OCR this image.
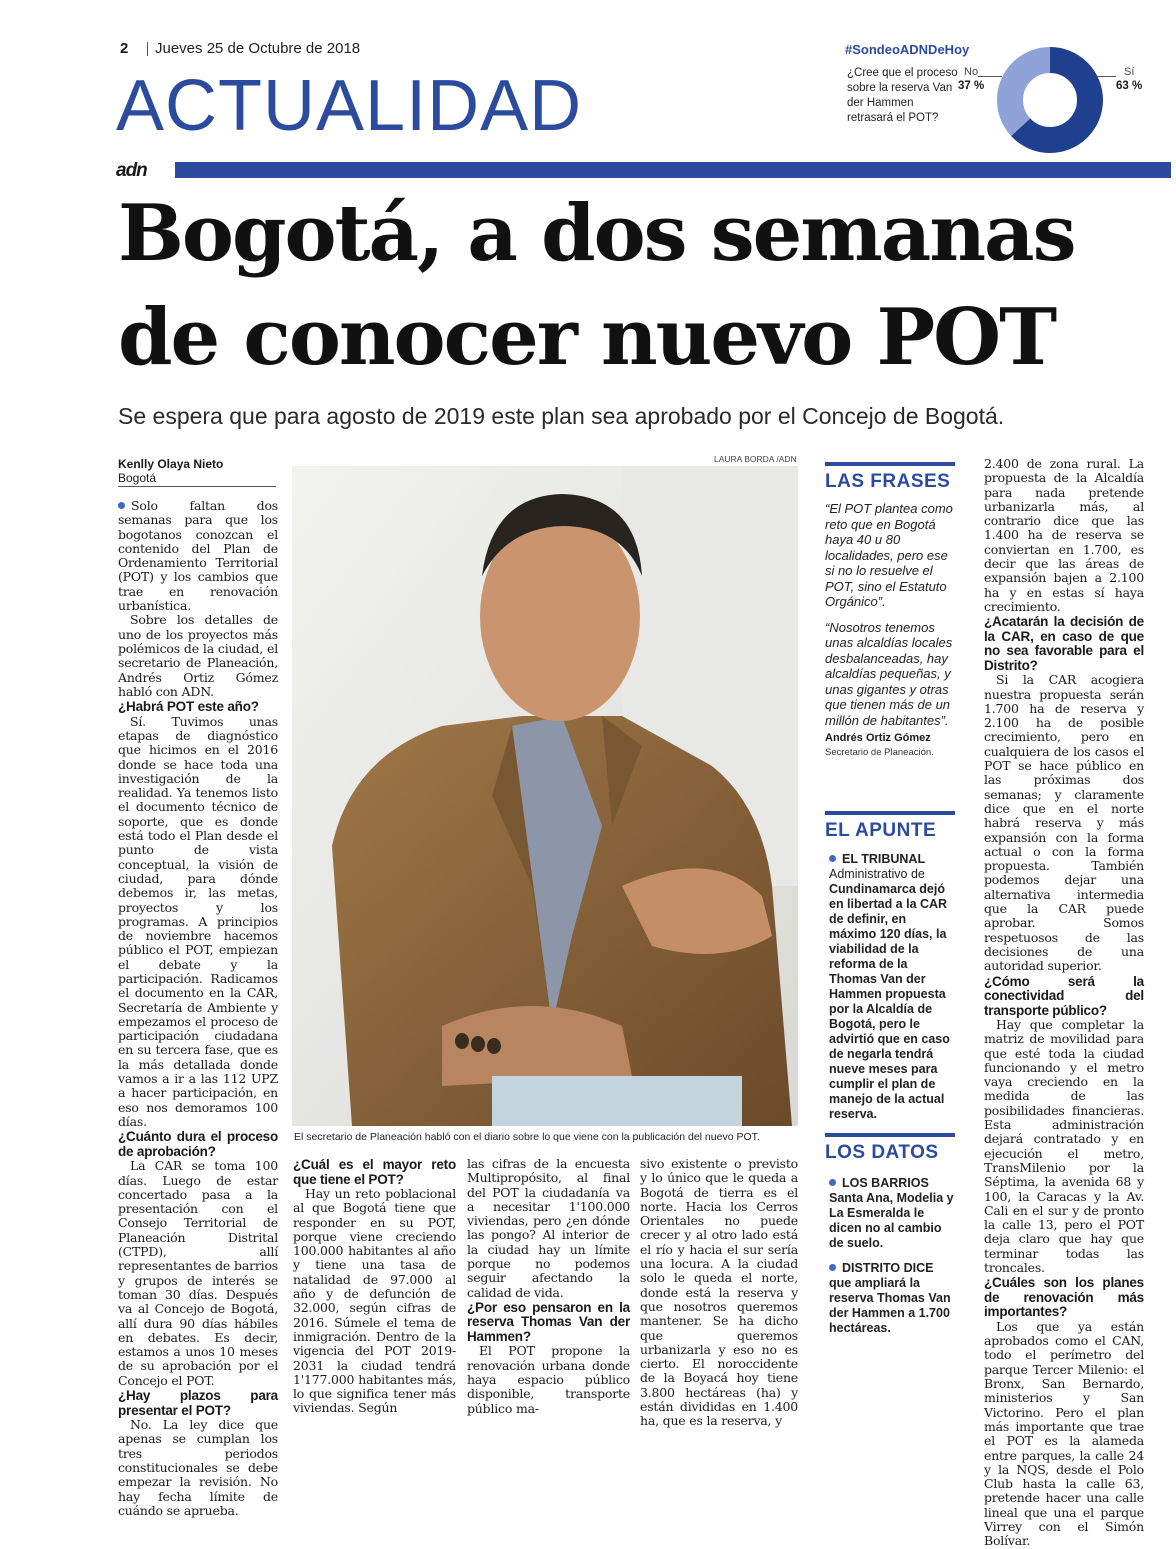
2 Jueves 25 de Octubre de 2018
ACTUALIDAD
#SondeoADNDeHoy
¿Cree que el proceso sobre la reserva Van der Hammen retrasará el POT?
No
37 %
Sí
63 %
adn
Bogotá, a dos semanas
de conocer nuevo POT
Se espera que para agosto de 2019 este plan sea aprobado por el Concejo de Bogotá.
Kenlly Olaya Nieto
Bogotá
Solo faltan dos semanas para que los bogotanos conozcan el contenido del Plan de Ordenamiento Territorial (POT) y los cambios que trae en renovación urbanística.
Sobre los detalles de uno de los proyectos más polémicos de la ciudad, el secretario de Planeación, Andrés Ortiz Gómez habló con ADN.
¿Habrá POT este año?
Sí. Tuvimos unas etapas de diagnóstico que hicimos en el 2016 donde se hace toda una investigación de la realidad. Ya tenemos listo el documento técnico de soporte, que es donde está todo el Plan desde el punto de vista conceptual, la visión de ciudad, para dónde debemos ir, las metas, proyectos y los programas. A principios de noviembre hacemos público el POT, empiezan el debate y la participación. Radicamos el documento en la CAR, Secretaría de Ambiente y empezamos el proceso de participación ciudadana en su tercera fase, que es la más detallada donde vamos a ir a las 112 UPZ a hacer participación, en eso nos demoramos 100 días.
¿Cuánto dura el proceso de aprobación?
La CAR se toma 100 días. Luego de estar concertado pasa a la presentación con el Consejo Territorial de Planeación Distrital (CTPD), allí representantes de barrios y grupos de interés se toman 30 días. Después va al Concejo de Bogotá, allí dura 90 días hábiles en debates. Es decir, estamos a unos 10 meses de su aprobación por el Concejo el POT.
¿Hay plazos para presentar el POT?
No. La ley dice que apenas se cumplan los tres periodos constitucionales se debe empezar la revisión. No hay fecha límite de cuándo se aprueba.
LAURA BORDA /ADN
El secretario de Planeación habló con el diario sobre lo que viene con la publicación del nuevo POT.
¿Cuál es el mayor reto que tiene el POT?
Hay un reto poblacional al que Bogotá tiene que responder en su POT, porque viene creciendo 100.000 habitantes al año y tiene una tasa de natalidad de 97.000 al año y de defunción de 32.000, según cifras de 2016. Súmele el tema de inmigración. Dentro de la vigencia del POT 2019-2031 la ciudad tendrá 1'177.000 habitantes más, lo que significa tener más viviendas. Según
las cifras de la encuesta Multipropósito, al final del POT la ciudadanía va a necesitar 1'100.000 viviendas, pero ¿en dónde las pongo? Al interior de la ciudad hay un límite porque no podemos seguir afectando la calidad de vida.
¿Por eso pensaron en la reserva Thomas Van der Hammen?
El POT propone la renovación urbana donde haya espacio público disponible, transporte público ma-
sivo existente o previsto y lo único que le queda a Bogotá de tierra es el norte. Hacia los Cerros Orientales no puede crecer y al otro lado está el río y hacia el sur sería una locura. A la ciudad solo le queda el norte, donde está la reserva y que nosotros queremos mantener. Se ha dicho que queremos urbanizarla y eso no es cierto. El noroccidente de la Boyacá hoy tiene 3.800 hectáreas (ha) y están divididas en 1.400 ha, que es la reserva, y
LAS FRASES
“El POT plantea como reto que en Bogotá haya 40 u 80 localidades, pero ese si no lo resuelve el POT, sino el Estatuto Orgánico”.
“Nosotros tenemos unas alcaldías locales desbalanceadas, hay alcaldías pequeñas, y unas gigantes y otras que tienen más de un millón de habitantes”.
Andrés Ortiz Gómez
Secretario de Planeación.
EL APUNTE
EL TRIBUNAL Administrativo de Cundinamarca dejó en libertad a la CAR de definir, en máximo 120 días, la viabilidad de la reforma de la Thomas Van der Hammen propuesta por la Alcaldía de Bogotá, pero le advirtió que en caso de negarla tendrá nueve meses para cumplir el plan de manejo de la actual reserva.
LOS DATOS
LOS BARRIOS Santa Ana, Modelia y La Esmeralda le dicen no al cambio de suelo.
DISTRITO DICE que ampliará la reserva Thomas Van der Hammen a 1.700 hectáreas.
2.400 de zona rural. La propuesta de la Alcaldía para nada pretende urbanizarla más, al contrario dice que las 1.400 ha de reserva se conviertan en 1.700, es decir que las áreas de expansión bajen a 2.100 ha y en estas sí haya crecimiento.
¿Acatarán la decisión de la CAR, en caso de que no sea favorable para el Distrito?
Si la CAR acogiera nuestra propuesta serán 1.700 ha de reserva y 2.100 ha de posible crecimiento, pero en cualquiera de los casos el POT se hace público en las próximas dos semanas; y claramente dice que en el norte habrá reserva y más expansión con la forma actual o con la forma propuesta. También podemos dejar una alternativa intermedia que la CAR puede aprobar. Somos respetuosos de las decisiones de una autoridad superior.
¿Cómo será la conectividad del transporte público?
Hay que completar la matriz de movilidad para que esté toda la ciudad funcionando y el metro vaya creciendo en la medida de las posibilidades financieras. Esta administración dejará contratado y en ejecución el metro, TransMilenio por la Séptima, la avenida 68 y 100, la Caracas y la Av. Cali en el sur y de pronto la calle 13, pero el POT deja claro que hay que terminar todas las troncales.
¿Cuáles son los planes de renovación más importantes?
Los que ya están aprobados como el CAN, todo el perímetro del parque Tercer Milenio: el Bronx, San Bernardo, ministerios y San Victorino. Pero el plan más importante que trae el POT es la alameda entre parques, la calle 24 y la NQS, desde el Polo Club hasta la calle 63, pretende hacer una calle lineal que una el parque Virrey con el Simón Bolívar.
